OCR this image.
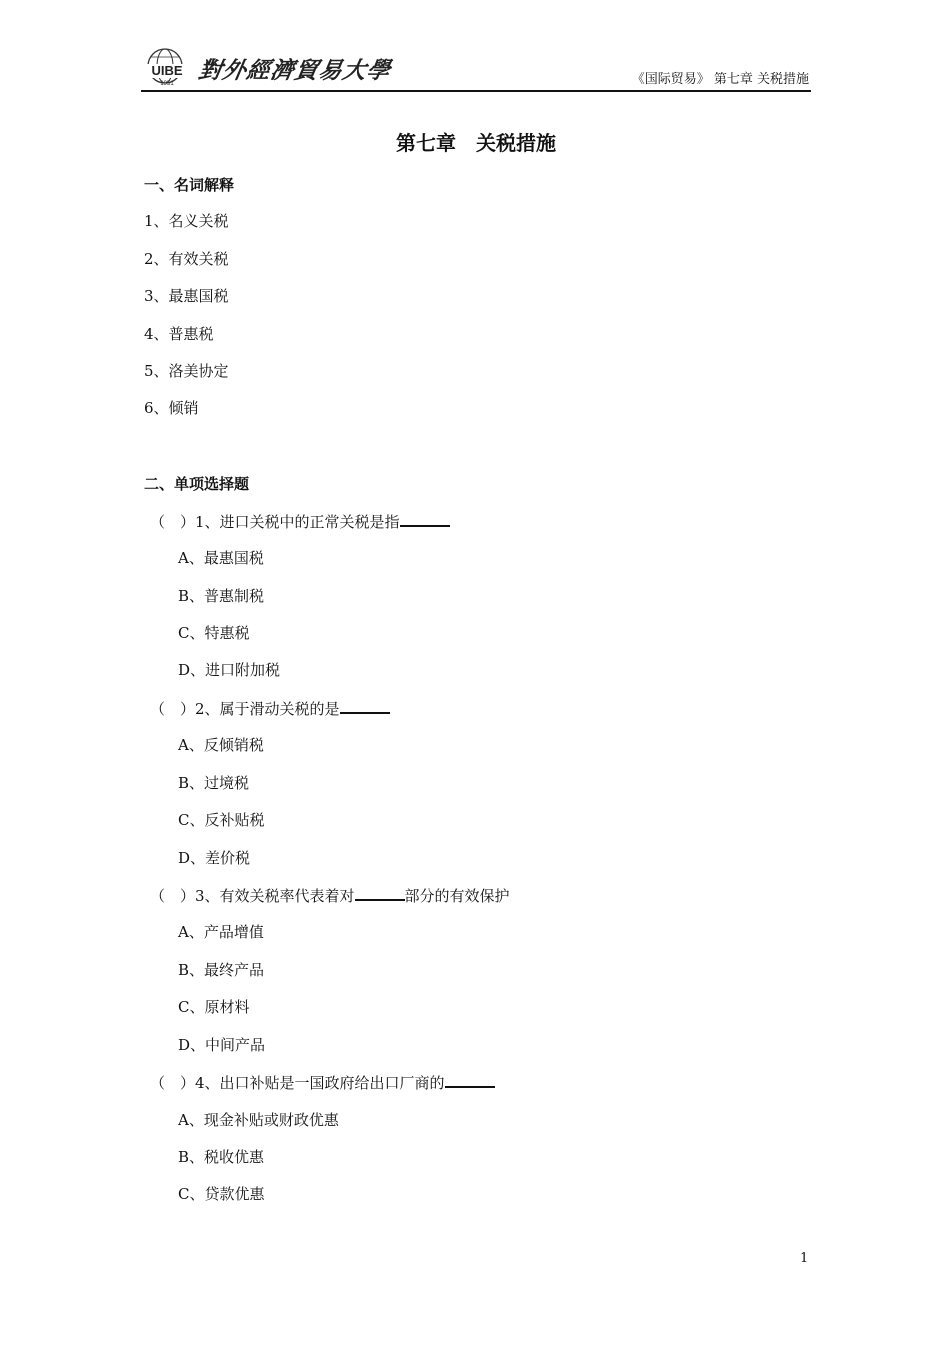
UIBE
1951 對外經濟貿易大學	《国际贸易》 第七章 关税措施
第七章　关税措施
一、名词解释
1、名义关税
2、有效关税
3、最惠国税
4、普惠税
5、洛美协定
6、倾销
二、单项选择题
（　）1、进口关税中的正常关税是指
A、最惠国税
B、普惠制税
C、特惠税
D、进口附加税
（　）2、属于滑动关税的是
A、反倾销税
B、过境税
C、反补贴税
D、差价税
（　）3、有效关税率代表着对	部分的有效保护
A、产品增值
B、最终产品
C、原材料
D、中间产品
（　）4、出口补贴是一国政府给出口厂商的
A、现金补贴或财政优惠
B、税收优惠
C、贷款优惠
1
